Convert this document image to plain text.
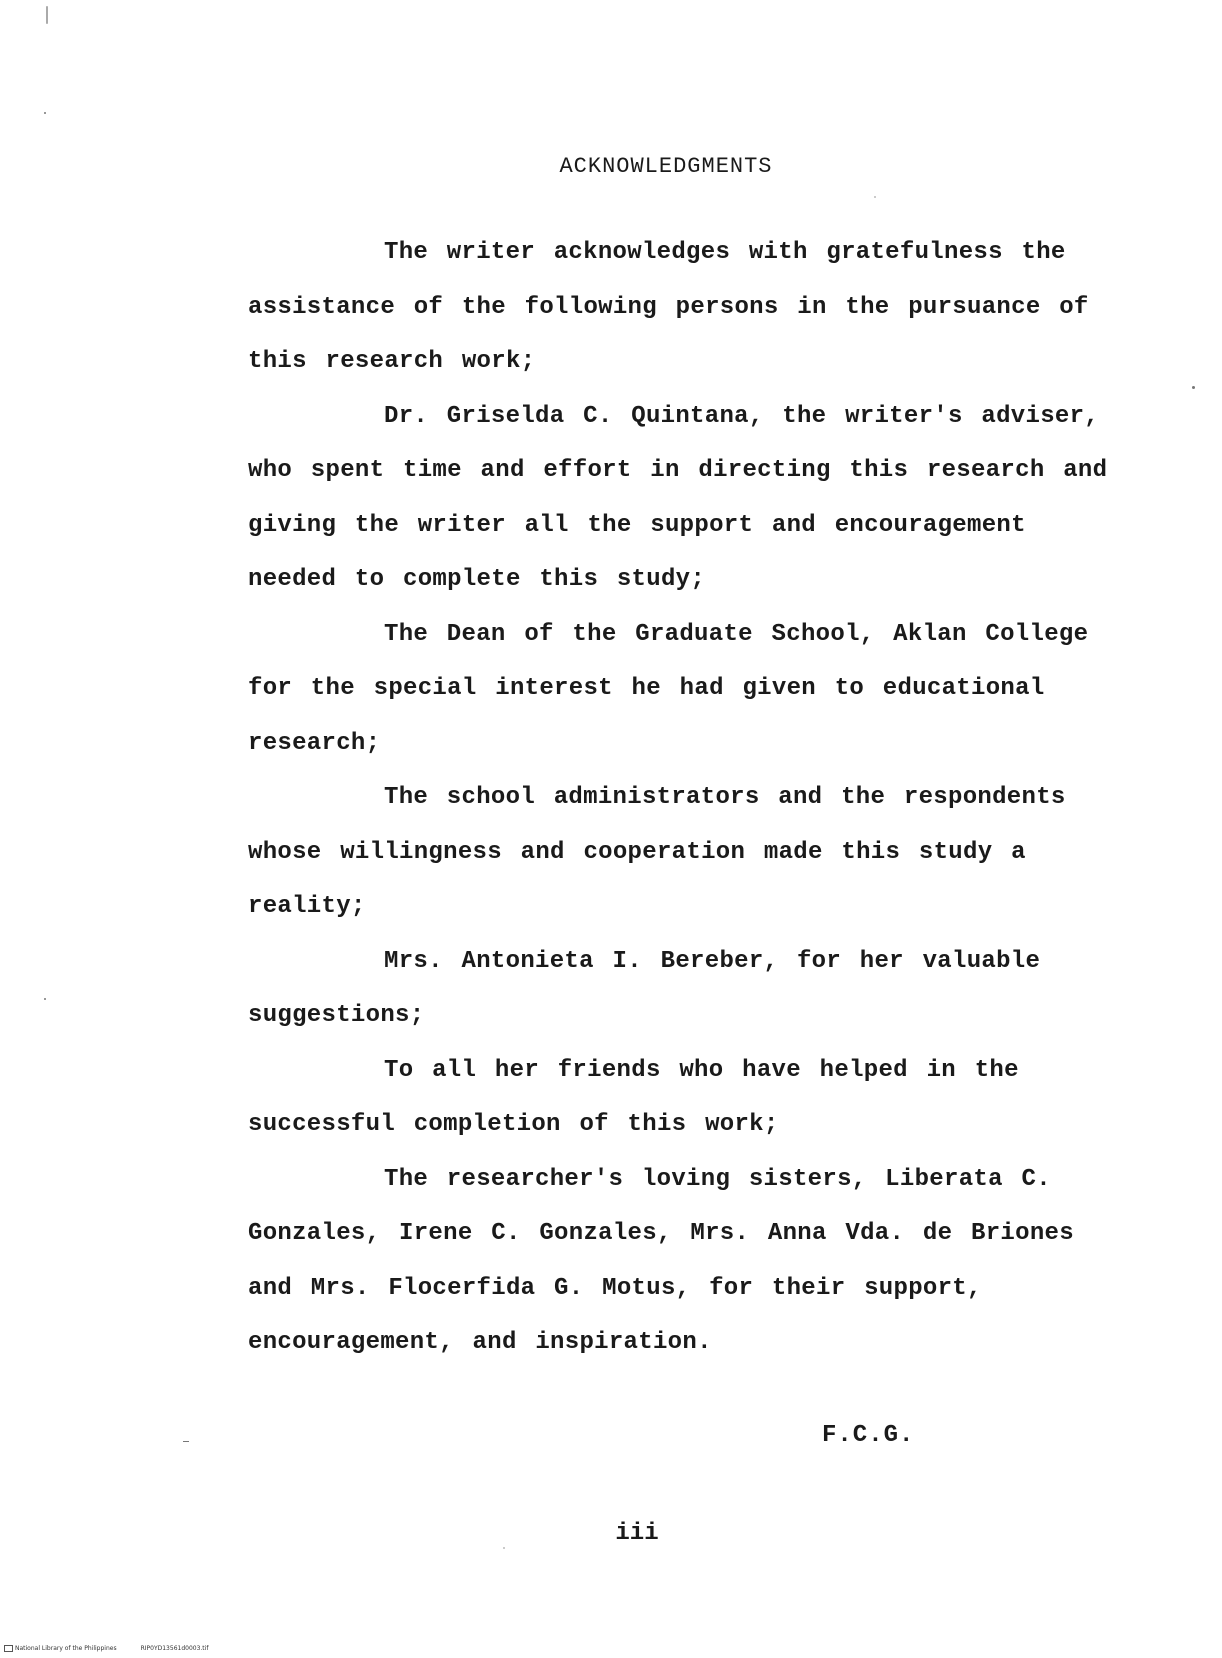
ACKNOWLEDGMENTS

The writer acknowledges with gratefulness the assistance of the following persons in the pursuance of this research work;

Dr. Griselda C. Quintana, the writer's adviser, who spent time and effort in directing this research and giving the writer all the support and encouragement needed to complete this study;

The Dean of the Graduate School, Aklan College for the special interest he had given to educational research;

The school administrators and the respondents whose willingness and cooperation made this study a reality;

Mrs. Antonieta I. Bereber, for her valuable suggestions;

To all her friends who have helped in the successful completion of this work;

The researcher's loving sisters, Liberata C. Gonzales, Irene C. Gonzales, Mrs. Anna Vda. de Briones and Mrs. Flocerfida G. Motus, for their support, encouragement, and inspiration.

F.C.G.
iii
National Library of the Philippines	RIP0YD13561d0003.tif
